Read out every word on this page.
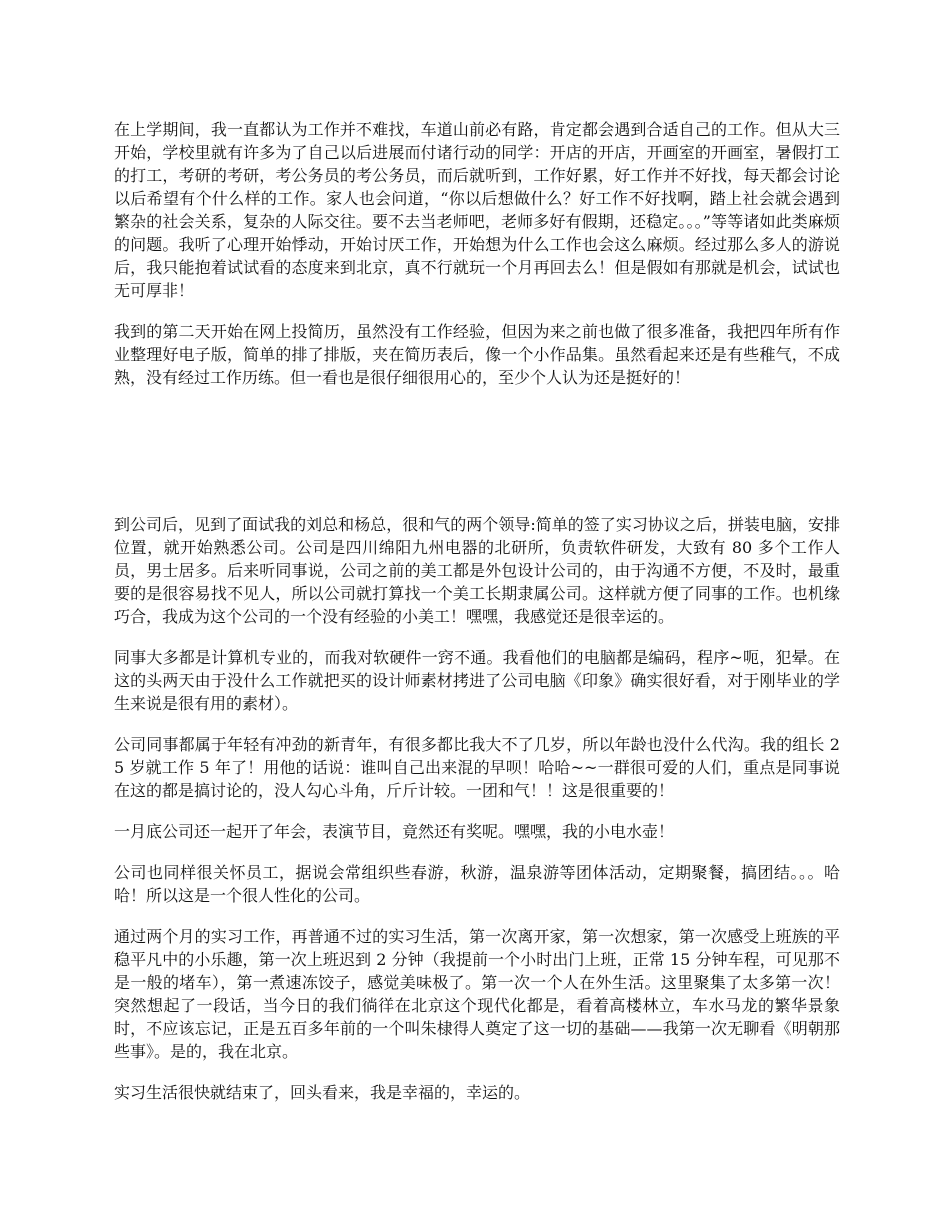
在上学期间，我一直都认为工作并不难找，车道山前必有路，肯定都会遇到合适自己的工作。但从大三开始，学校里就有许多为了自己以后进展而付诸行动的同学：开店的开店，开画室的开画室，暑假打工的打工，考研的考研，考公务员的考公务员，而后就听到，工作好累，好工作并不好找，每天都会讨论以后希望有个什么样的工作。家人也会问道，“你以后想做什么？好工作不好找啊，踏上社会就会遇到繁杂的社会关系，复杂的人际交往。要不去当老师吧，老师多好有假期，还稳定。。。”等等诸如此类麻烦的问题。我听了心理开始悸动，开始讨厌工作，开始想为什么工作也会这么麻烦。经过那么多人的游说后，我只能抱着试试看的态度来到北京，真不行就玩一个月再回去么！但是假如有那就是机会，试试也无可厚非！

我到的第二天开始在网上投简历，虽然没有工作经验，但因为来之前也做了很多准备，我把四年所有作业整理好电子版，简单的排了排版，夹在简历表后，像一个小作品集。虽然看起来还是有些稚气，不成熟，没有经过工作历练。但一看也是很仔细很用心的，至少个人认为还是挺好的！

到公司后，见到了面试我的刘总和杨总，很和气的两个领导:简单的签了实习协议之后，拼装电脑，安排位置，就开始熟悉公司。公司是四川绵阳九州电器的北研所，负责软件研发，大致有 80 多个工作人员，男士居多。后来听同事说，公司之前的美工都是外包设计公司的，由于沟通不方便，不及时，最重要的是很容易找不见人，所以公司就打算找一个美工长期隶属公司。这样就方便了同事的工作。也机缘巧合，我成为这个公司的一个没有经验的小美工！嘿嘿，我感觉还是很幸运的。

同事大多都是计算机专业的，而我对软硬件一窍不通。我看他们的电脑都是编码，程序~呃，犯晕。在这的头两天由于没什么工作就把买的设计师素材拷进了公司电脑《印象》确实很好看，对于刚毕业的学生来说是很有用的素材）。

公司同事都属于年轻有冲劲的新青年，有很多都比我大不了几岁，所以年龄也没什么代沟。我的组长 25 岁就工作 5 年了！用他的话说：谁叫自己出来混的早呗！哈哈~~一群很可爱的人们，重点是同事说在这的都是搞讨论的，没人勾心斗角，斤斤计较。一团和气！！这是很重要的！

一月底公司还一起开了年会，表演节目，竟然还有奖呢。嘿嘿，我的小电水壶！

公司也同样很关怀员工，据说会常组织些春游，秋游，温泉游等团体活动，定期聚餐，搞团结。。。哈哈！所以这是一个很人性化的公司。

通过两个月的实习工作，再普通不过的实习生活，第一次离开家，第一次想家，第一次感受上班族的平稳平凡中的小乐趣，第一次上班迟到 2 分钟（我提前一个小时出门上班，正常 15 分钟车程，可见那不是一般的堵车），第一煮速冻饺子，感觉美味极了。第一次一个人在外生活。这里聚集了太多第一次！突然想起了一段话，当今日的我们徜徉在北京这个现代化都是，看着高楼林立，车水马龙的繁华景象时，不应该忘记，正是五百多年前的一个叫朱棣得人奠定了这一切的基础——我第一次无聊看《明朝那些事》。是的，我在北京。

实习生活很快就结束了，回头看来，我是幸福的，幸运的。
